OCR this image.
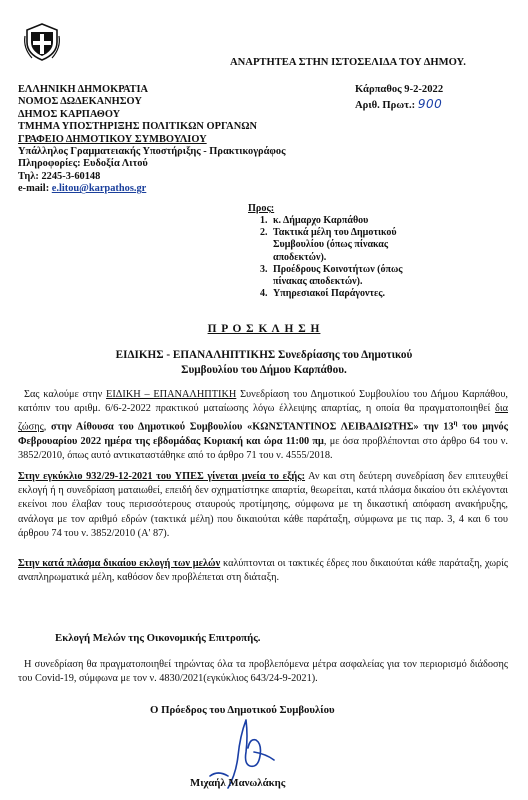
ΑΝΑΡΤΗΤΕΑ ΣΤΗΝ ΙΣΤΟΣΕΛΙΔΑ ΤΟΥ ΔΗΜΟΥ.
ΕΛΛΗΝΙΚΗ ΔΗΜΟΚΡΑΤΙΑ
ΝΟΜΟΣ ΔΩΔΕΚΑΝΗΣΟΥ
ΔΗΜΟΣ ΚΑΡΠΑΘΟΥ
ΤΜΗΜΑ ΥΠΟΣΤΗΡΙΞΗΣ ΠΟΛΙΤΙΚΩΝ ΟΡΓΑΝΩΝ
ΓΡΑΦΕΙΟ ΔΗΜΟΤΙΚΟΥ ΣΥΜΒΟΥΛΙΟΥ
Υπάλληλος Γραμματειακής Υποστήριξης - Πρακτικογράφος
Πληροφορίες: Ευδοξία Λιτού
Τηλ: 2245-3-60148
e-mail: e.litou@karpathos.gr
Κάρπαθος 9-2-2022
Αριθ. Πρωτ.: 900
Προς:
1. κ. Δήμαρχο Καρπάθου
2. Τακτικά μέλη του Δημοτικού Συμβουλίου (όπως πίνακας αποδεκτών).
3. Προέδρους Κοινοτήτων (όπως πίνακας αποδεκτών).
4. Υπηρεσιακοί Παράγοντες.
Π Ρ Ο Σ Κ Λ Η Σ Η
ΕΙΔΙΚΗΣ - ΕΠΑΝΑΛΗΠΤΙΚΗΣ Συνεδρίασης του Δημοτικού
Συμβουλίου του Δήμου Καρπάθου.
Σας καλούμε στην ΕΙΔΙΚΗ – ΕΠΑΝΑΛΗΠΤΙΚΗ Συνεδρίαση του Δημοτικού Συμβουλίου του Δήμου Καρπάθου, κατόπιν του αριθμ. 6/6-2-2022 πρακτικού ματαίωσης λόγω έλλειψης απαρτίας, η οποία θα πραγματοποιηθεί δια ζώσης, στην Αίθουσα του Δημοτικού Συμβουλίου «ΚΩΝΣΤΑΝΤΙΝΟΣ ΛΕΙΒΑΔΙΩΤΗΣ» την $13^\eta$ του μηνός Φεβρουαρίου 2022 ημέρα της εβδομάδας Κυριακή και ώρα 11:00 πμ, με όσα προβλέπονται στο άρθρο 64 του ν. 3852/2010, όπως αυτό αντικαταστάθηκε από το άρθρο 71 του ν. 4555/2018.
Στην εγκύκλιο 932/29-12-2021 του ΥΠΕΣ γίνεται μνεία το εξής: Αν και στη δεύτερη συνεδρίαση δεν επιτευχθεί εκλογή ή η συνεδρίαση ματαιωθεί, επειδή δεν σχηματίστηκε απαρτία, θεωρείται, κατά πλάσμα δικαίου ότι εκλέγονται εκείνοι που έλαβαν τους περισσότερους σταυρούς προτίμησης, σύμφωνα με τη δικαστική απόφαση ανακήρυξης, ανάλογα με τον αριθμό εδρών (τακτικά μέλη) που δικαιούται κάθε παράταξη, σύμφωνα με τις παρ. 3, 4 και 6 του άρθρου 74 του ν. 3852/2010 (Α' 87).
Στην κατά πλάσμα δικαίου εκλογή των μελών καλύπτονται οι τακτικές έδρες που δικαιούται κάθε παράταξη, χωρίς αναπληρωματικά μέλη, καθόσον δεν προβλέπεται στη διάταξη.
Εκλογή Μελών της Οικονομικής Επιτροπής.
Η συνεδρίαση θα πραγματοποιηθεί τηρώντας όλα τα προβλεπόμενα μέτρα ασφαλείας για τον περιορισμό διάδοσης του Covid-19, σύμφωνα με τον ν. 4830/2021(εγκύκλιος 643/24-9-2021).
Ο Πρόεδρος του Δημοτικού Συμβουλίου
Μιχαήλ Μανωλάκης
